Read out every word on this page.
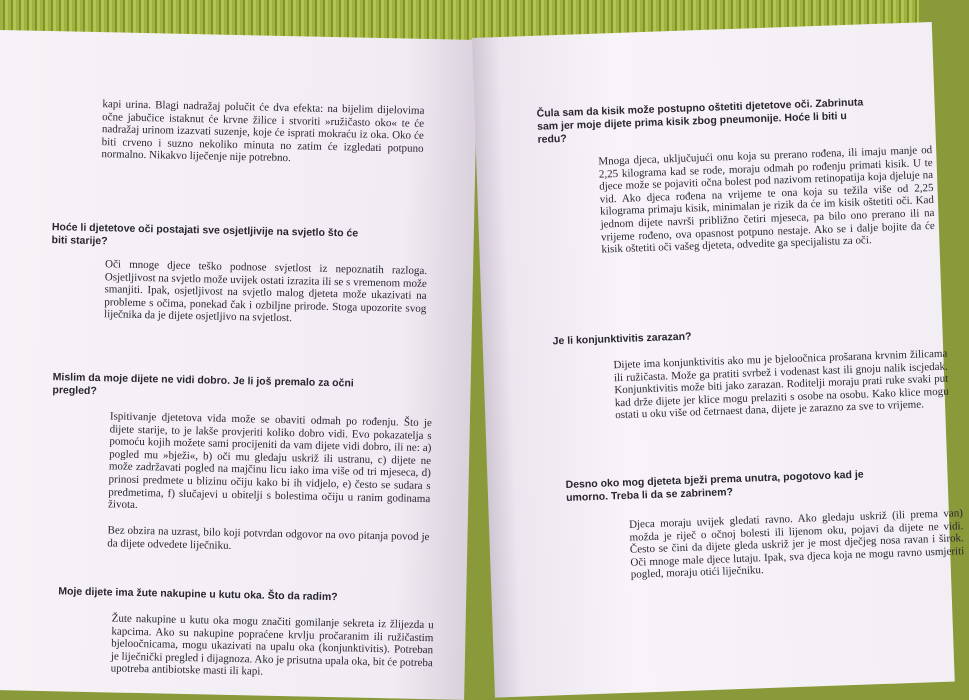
kapi urina. Blagi nadražaj polučit će dva efekta: na bijelim dijelovima očne jabučice istaknut će krvne žilice i stvoriti »ružičasto oko« te će nadražaj urinom izazvati suzenje, koje će isprati mokraću iz oka. Oko će biti crveno i suzno nekoliko minuta no zatim će izgledati potpuno normalno. Nikakvo liječenje nije potrebno.

Hoće li djetetove oči postajati sve osjetljivije na svjetlo što će biti starije?

Oči mnoge djece teško podnose svjetlost iz nepoznatih razloga. Osjetljivost na svjetlo može uvijek ostati izrazita ili se s vremenom može smanjiti. Ipak, osjetljivost na svjetlo malog djeteta može ukazivati na probleme s očima, ponekad čak i ozbiljne prirode. Stoga upozorite svog liječnika da je dijete osjetljivo na svjetlost.

Mislim da moje dijete ne vidi dobro. Je li još premalo za očni pregled?

Ispitivanje djetetova vida može se obaviti odmah po rođenju. Što je dijete starije, to je lakše provjeriti koliko dobro vidi. Evo pokazatelja s pomoću kojih možete sami procijeniti da vam dijete vidi dobro, ili ne: a) pogled mu »bježi«, b) oči mu gledaju uskriž ili ustranu, c) dijete ne može zadržavati pogled na majčinu licu iako ima više od tri mjeseca, d) prinosi predmete u blizinu očiju kako bi ih vidjelo, e) često se sudara s predmetima, f) slučajevi u obitelji s bolestima očiju u ranim godinama života.

Bez obzira na uzrast, bilo koji potvrdan odgovor na ovo pitanja povod je da dijete odvedete liječniku.

Moje dijete ima žute nakupine u kutu oka. Što da radim?

Žute nakupine u kutu oka mogu značiti gomilanje sekreta iz žlijezda u kapcima. Ako su nakupine popraćene krvlju pročaranim ili ružičastim bjeloočnicama, mogu ukazivati na upalu oka (konjunktivitis). Potreban je liječnički pregled i dijagnoza. Ako je prisutna upala oka, bit će potreba upotreba antibiotske masti ili kapi.

Čula sam da kisik može postupno oštetiti djetetove oči. Zabrinuta sam jer moje dijete prima kisik zbog pneumonije. Hoće li biti u redu?

Mnoga djeca, uključujući onu koja su prerano rođena, ili imaju manje od 2,25 kilograma kad se rode, moraju odmah po rođenju primati kisik. U te djece može se pojaviti očna bolest pod nazivom retinopatija koja djeluje na vid. Ako djeca rođena na vrijeme te ona koja su težila više od 2,25 kilograma primaju kisik, minimalan je rizik da će im kisik oštetiti oči. Kad jednom dijete navrši približno četiri mjeseca, pa bilo ono prerano ili na vrijeme rođeno, ova opasnost potpuno nestaje. Ako se i dalje bojite da će kisik oštetiti oči vašeg djeteta, odvedite ga specijalistu za oči.

Je li konjunktivitis zarazan?

Dijete ima konjunktivitis ako mu je bjeloočnica prošarana krvnim žilicama ili ružičasta. Može ga pratiti svrbež i vodenast kast ili gnoju nalik iscjedak. Konjunktivitis može biti jako zarazan. Roditelji moraju prati ruke svaki put kad drže dijete jer klice mogu prelaziti s osobe na osobu. Kako klice mogu ostati u oku više od četrnaest dana, dijete je zarazno za sve to vrijeme.

Desno oko mog djeteta bježi prema unutra, pogotovo kad je umorno. Treba li da se zabrinem?

Djeca moraju uvijek gledati ravno. Ako gledaju uskriž (ili prema van) možda je riječ o očnoj bolesti ili lijenom oku, pojavi da dijete ne vidi. Često se čini da dijete gleda uskriž jer je most dječjeg nosa ravan i širok. Oči mnoge male djece lutaju. Ipak, sva djeca koja ne mogu ravno usmjeriti pogled, moraju otići liječniku.
